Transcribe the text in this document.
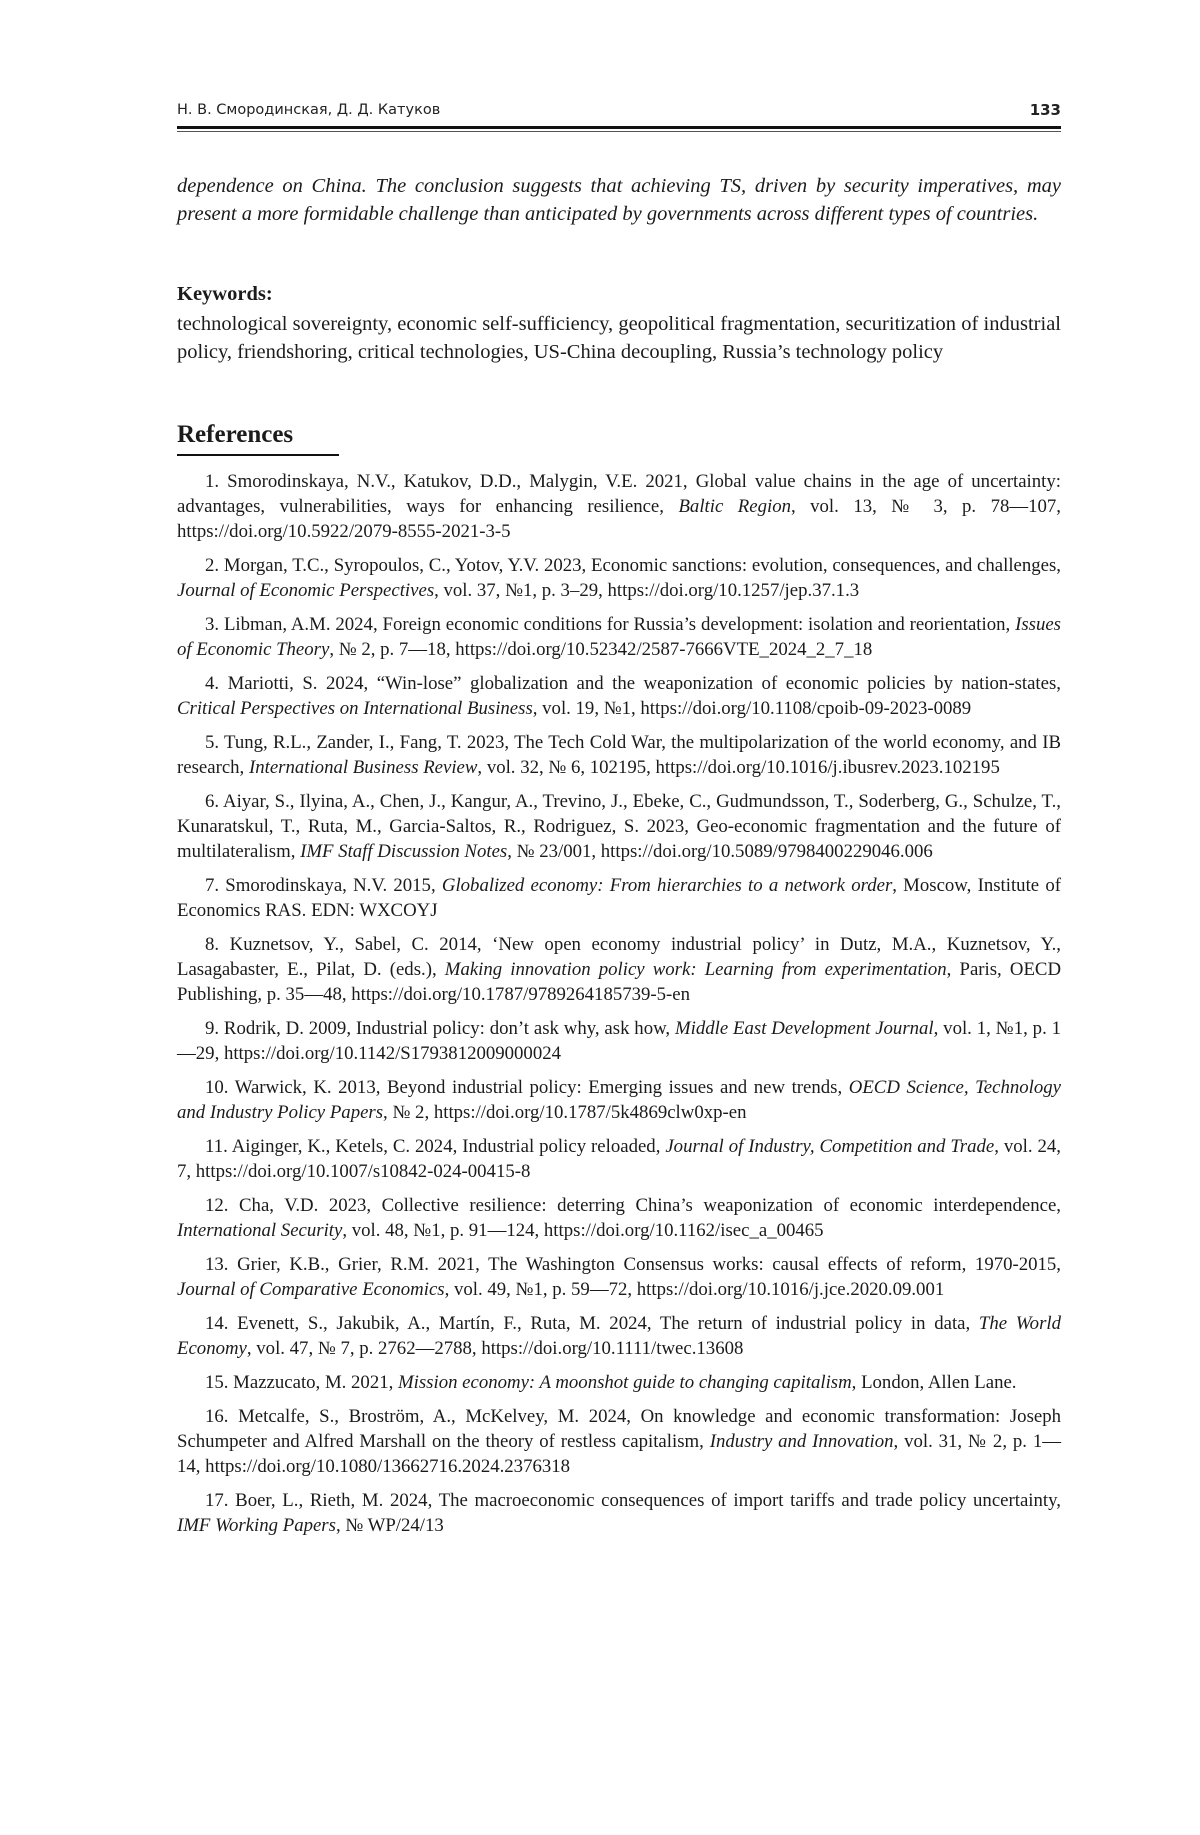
Н. В. Смородинская, Д. Д. Катуков	133

dependence on China. The conclusion suggests that achieving TS, driven by security imperatives, may present a more formidable challenge than anticipated by governments across different types of countries.

Keywords:

technological sovereignty, economic self-sufficiency, geopolitical fragmentation, securitization of industrial policy, friendshoring, critical technologies, US-China decoupling, Russia’s technology policy

References

1. Smorodinskaya, N.V., Katukov, D.D., Malygin, V.E. 2021, Global value chains in the age of uncertainty: advantages, vulnerabilities, ways for enhancing resilience, Baltic Region, vol. 13, № 3, p. 78—107, https://doi.org/10.5922/2079-8555-2021-3-5

2. Morgan, T.C., Syropoulos, C., Yotov, Y.V. 2023, Economic sanctions: evolution, consequences, and challenges, Journal of Economic Perspectives, vol. 37, №1, p. 3–29, https://doi.org/10.1257/jep.37.1.3

3. Libman, A.M. 2024, Foreign economic conditions for Russia’s development: isolation and reorientation, Issues of Economic Theory, № 2, p. 7—18, https://doi.org/10.52342/2587-7666VTE_2024_2_7_18

4. Mariotti, S. 2024, “Win-lose” globalization and the weaponization of economic policies by nation-states, Critical Perspectives on International Business, vol. 19, №1, https://doi.org/10.1108/cpoib-09-2023-0089

5. Tung, R.L., Zander, I., Fang, T. 2023, The Tech Cold War, the multipolarization of the world economy, and IB research, International Business Review, vol. 32, № 6, 102195, https://doi.org/10.1016/j.ibusrev.2023.102195

6. Aiyar, S., Ilyina, A., Chen, J., Kangur, A., Trevino, J., Ebeke, C., Gudmundsson, T., Soderberg, G., Schulze, T., Kunaratskul, T., Ruta, M., Garcia-Saltos, R., Rodriguez, S. 2023, Geo-economic fragmentation and the future of multilateralism, IMF Staff Discussion Notes, № 23/001, https://doi.org/10.5089/9798400229046.006

7. Smorodinskaya, N.V. 2015, Globalized economy: From hierarchies to a network order, Moscow, Institute of Economics RAS. EDN: WXCOYJ

8. Kuznetsov, Y., Sabel, C. 2014, ‘New open economy industrial policy’ in Dutz, M.A., Kuznetsov, Y., Lasagabaster, E., Pilat, D. (eds.), Making innovation policy work: Learning from experimentation, Paris, OECD Publishing, p. 35—48, https://doi.org/10.1787/9789264185739-5-en

9. Rodrik, D. 2009, Industrial policy: don’t ask why, ask how, Middle East Development Journal, vol. 1, №1, p. 1—29, https://doi.org/10.1142/S1793812009000024

10. Warwick, K. 2013, Beyond industrial policy: Emerging issues and new trends, OECD Science, Technology and Industry Policy Papers, № 2, https://doi.org/10.1787/5k4869clw0xp-en

11. Aiginger, K., Ketels, C. 2024, Industrial policy reloaded, Journal of Industry, Competition and Trade, vol. 24, 7, https://doi.org/10.1007/s10842-024-00415-8

12. Cha, V.D. 2023, Collective resilience: deterring China’s weaponization of economic interdependence, International Security, vol. 48, №1, p. 91—124, https://doi.org/10.1162/isec_a_00465

13. Grier, K.B., Grier, R.M. 2021, The Washington Consensus works: causal effects of reform, 1970-2015, Journal of Comparative Economics, vol. 49, №1, p. 59—72, https://doi.org/10.1016/j.jce.2020.09.001

14. Evenett, S., Jakubik, A., Martín, F., Ruta, M. 2024, The return of industrial policy in data, The World Economy, vol. 47, № 7, p. 2762—2788, https://doi.org/10.1111/twec.13608

15. Mazzucato, M. 2021, Mission economy: A moonshot guide to changing capitalism, London, Allen Lane.

16. Metcalfe, S., Broström, A., McKelvey, M. 2024, On knowledge and economic transformation: Joseph Schumpeter and Alfred Marshall on the theory of restless capitalism, Industry and Innovation, vol. 31, № 2, p. 1—14, https://doi.org/10.1080/13662716.2024.2376318

17. Boer, L., Rieth, M. 2024, The macroeconomic consequences of import tariffs and trade policy uncertainty, IMF Working Papers, № WP/24/13
